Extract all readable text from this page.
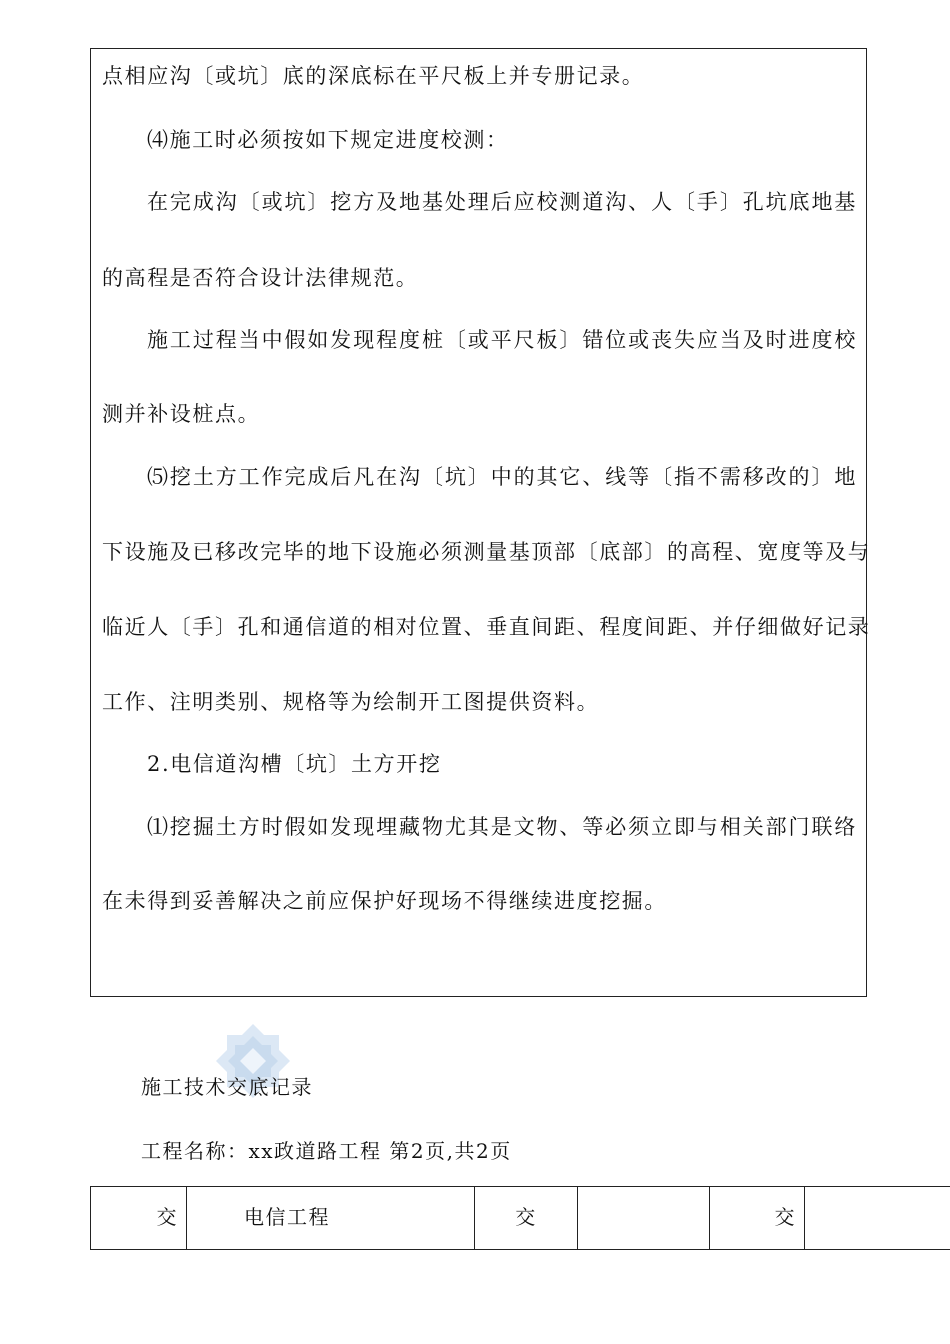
点相应沟〔或坑〕底的深底标在平尺板上并专册记录。
⑷施工时必须按如下规定进度校测：
在完成沟〔或坑〕挖方及地基处理后应校测道沟、人〔手〕孔坑底地基
的高程是否符合设计法律规范。
施工过程当中假如发现程度桩〔或平尺板〕错位或丧失应当及时进度校
测并补设桩点。
⑸挖土方工作完成后凡在沟〔坑〕中的其它、线等〔指不需移改的〕地
下设施及已移改完毕的地下设施必须测量基顶部〔底部〕的高程、宽度等及与
临近人〔手〕孔和通信道的相对位置、垂直间距、程度间距、并仔细做好记录
工作、注明类别、规格等为绘制开工图提供资料。
2.电信道沟槽〔坑〕土方开挖
⑴挖掘土方时假如发现埋藏物尤其是文物、等必须立即与相关部门联络
在未得到妥善解决之前应保护好现场不得继续进度挖掘。
施工技术交底记录
工程名称：xx政道路工程 第2页,共2页
交	电信工程	交		交	
